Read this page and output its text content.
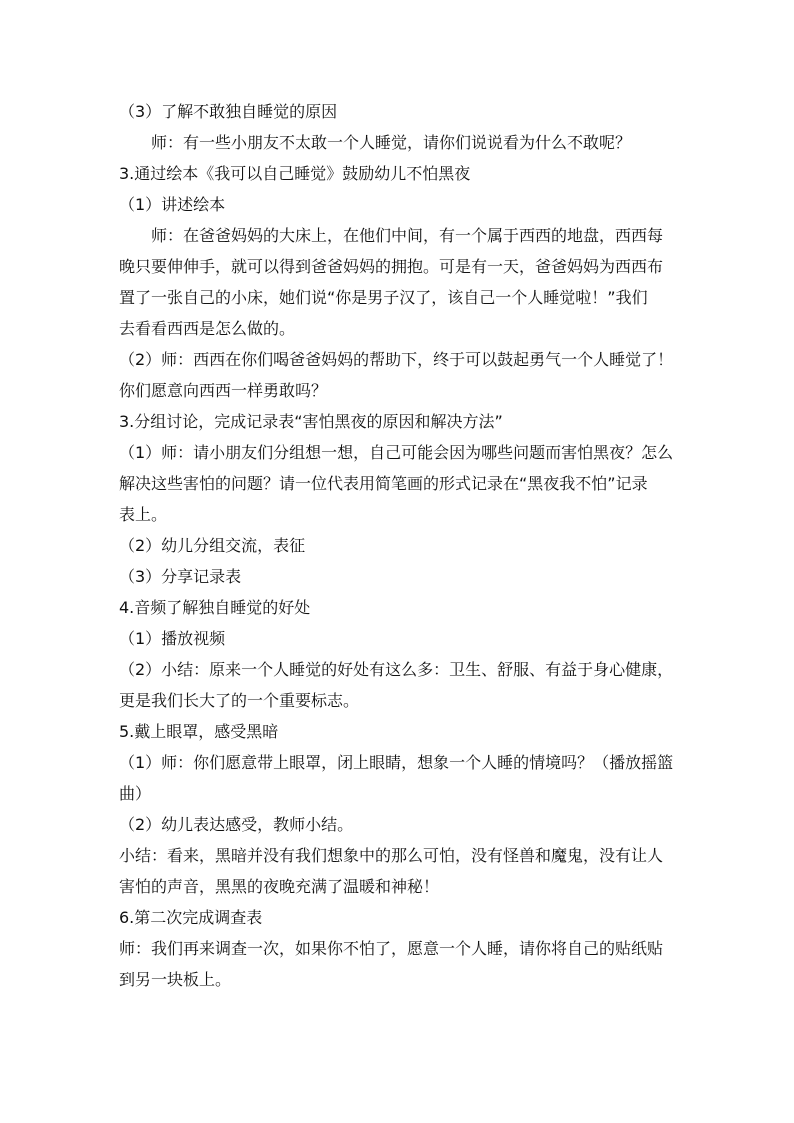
（3）了解不敢独自睡觉的原因
师：有一些小朋友不太敢一个人睡觉，请你们说说看为什么不敢呢？
3.通过绘本《我可以自己睡觉》鼓励幼儿不怕黑夜
（1）讲述绘本
师：在爸爸妈妈的大床上，在他们中间，有一个属于西西的地盘，西西每
晚只要伸伸手，就可以得到爸爸妈妈的拥抱。可是有一天，爸爸妈妈为西西布
置了一张自己的小床，她们说“你是男子汉了，该自己一个人睡觉啦！”我们
去看看西西是怎么做的。
（2）师：西西在你们喝爸爸妈妈的帮助下，终于可以鼓起勇气一个人睡觉了！
你们愿意向西西一样勇敢吗？
3.分组讨论，完成记录表“害怕黑夜的原因和解决方法”
（1）师：请小朋友们分组想一想，自己可能会因为哪些问题而害怕黑夜？怎么
解决这些害怕的问题？请一位代表用简笔画的形式记录在“黑夜我不怕”记录
表上。
（2）幼儿分组交流，表征
（3）分享记录表
4.音频了解独自睡觉的好处
（1）播放视频
（2）小结：原来一个人睡觉的好处有这么多：卫生、舒服、有益于身心健康，
更是我们长大了的一个重要标志。
5.戴上眼罩，感受黑暗
（1）师：你们愿意带上眼罩，闭上眼睛，想象一个人睡的情境吗？（播放摇篮
曲）
（2）幼儿表达感受，教师小结。
小结：看来，黑暗并没有我们想象中的那么可怕，没有怪兽和魔鬼，没有让人
害怕的声音，黑黑的夜晚充满了温暖和神秘！
6.第二次完成调查表
师：我们再来调查一次，如果你不怕了，愿意一个人睡，请你将自己的贴纸贴
到另一块板上。
